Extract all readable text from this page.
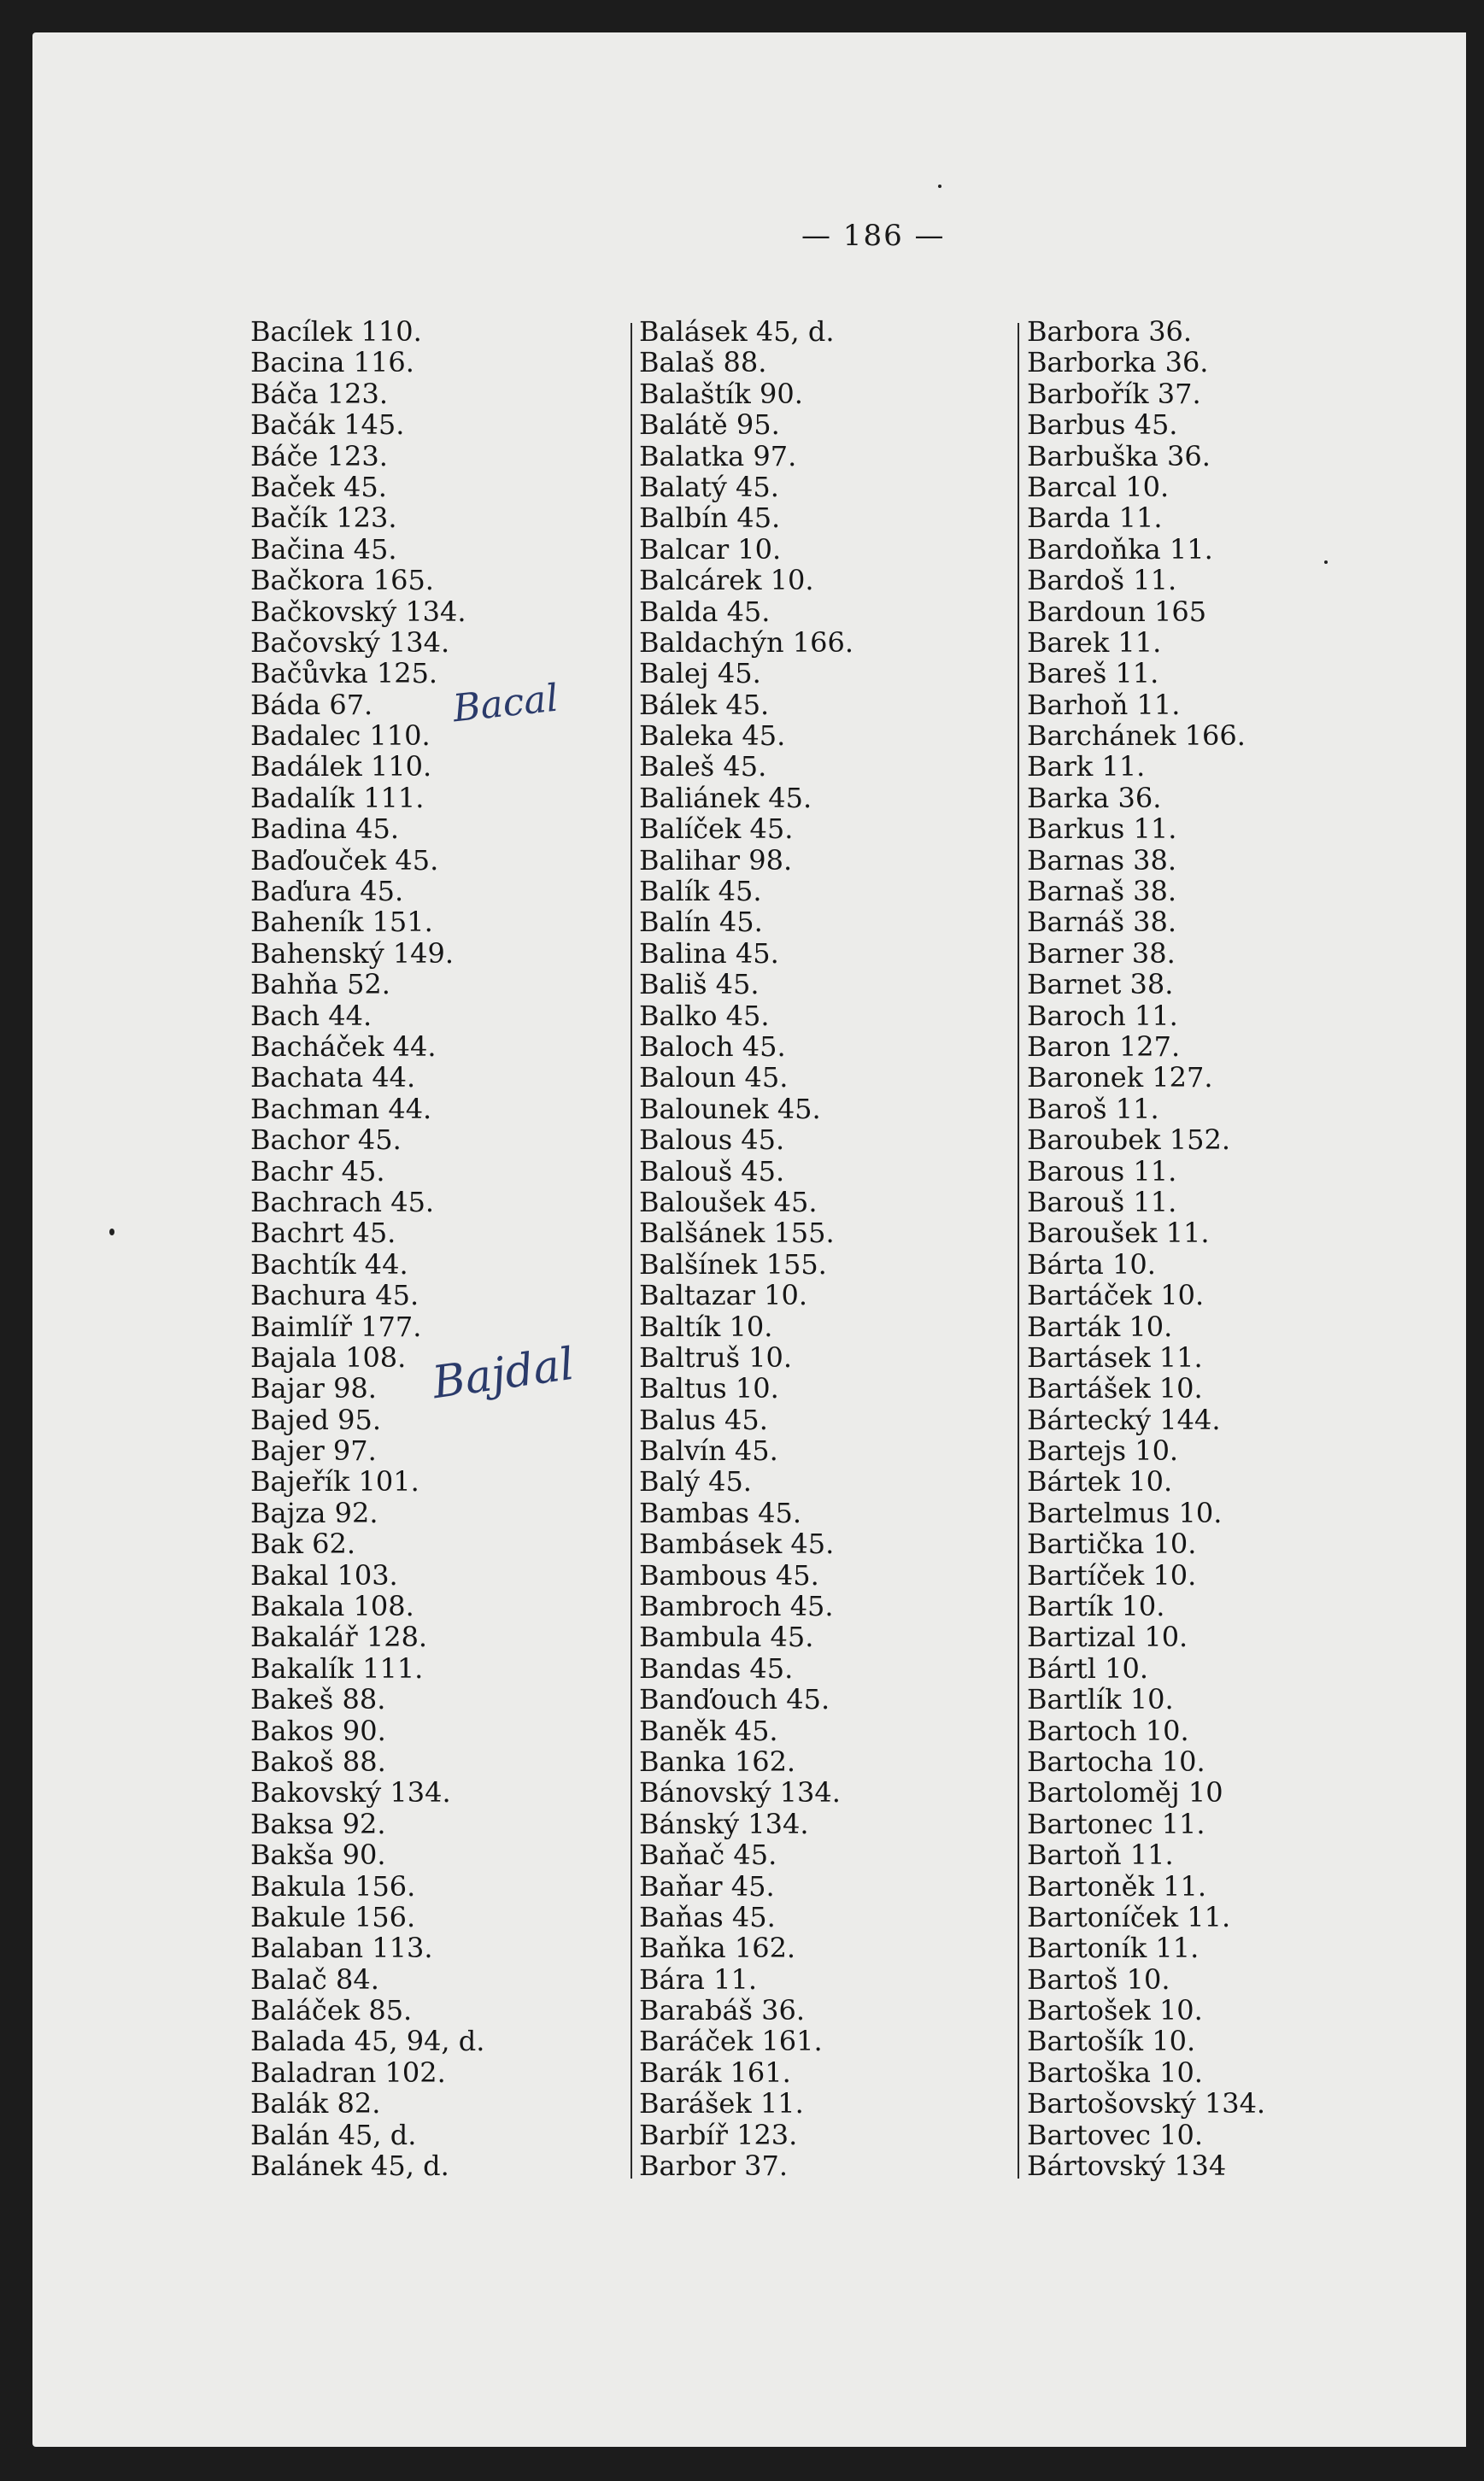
— 186 —
Bacílek 110.
Bacina 116.
Báča 123.
Bačák 145.
Báče 123.
Baček 45.
Bačík 123.
Bačina 45.
Bačkora 165.
Bačkovský 134.
Bačovský 134.
Bačůvka 125.
Báda 67.
Badalec 110.
Badálek 110.
Badalík 111.
Badina 45.
Baďouček 45.
Baďura 45.
Baheník 151.
Bahenský 149.
Bahňa 52.
Bach 44.
Bacháček 44.
Bachata 44.
Bachman 44.
Bachor 45.
Bachr 45.
Bachrach 45.
Bachrt 45.
Bachtík 44.
Bachura 45.
Baimlíř 177.
Bajala 108.
Bajar 98.
Bajed 95.
Bajer 97.
Bajeřík 101.
Bajza 92.
Bak 62.
Bakal 103.
Bakala 108.
Bakalář 128.
Bakalík 111.
Bakeš 88.
Bakos 90.
Bakoš 88.
Bakovský 134.
Baksa 92.
Bakša 90.
Bakula 156.
Bakule 156.
Balaban 113.
Balač 84.
Baláček 85.
Balada 45, 94, d.
Baladran 102.
Balák 82.
Balán 45, d.
Balánek 45, d.
Balásek 45, d.
Balaš 88.
Balaštík 90.
Balátě 95.
Balatka 97.
Balatý 45.
Balbín 45.
Balcar 10.
Balcárek 10.
Balda 45.
Baldachýn 166.
Balej 45.
Bálek 45.
Baleka 45.
Baleš 45.
Baliánek 45.
Balíček 45.
Balihar 98.
Balík 45.
Balín 45.
Balina 45.
Bališ 45.
Balko 45.
Baloch 45.
Baloun 45.
Balounek 45.
Balous 45.
Balouš 45.
Baloušek 45.
Balšánek 155.
Balšínek 155.
Baltazar 10.
Baltík 10.
Baltruš 10.
Baltus 10.
Balus 45.
Balvín 45.
Balý 45.
Bambas 45.
Bambásek 45.
Bambous 45.
Bambroch 45.
Bambula 45.
Bandas 45.
Banďouch 45.
Baněk 45.
Banka 162.
Bánovský 134.
Bánský 134.
Baňač 45.
Baňar 45.
Baňas 45.
Baňka 162.
Bára 11.
Barabáš 36.
Baráček 161.
Barák 161.
Barášek 11.
Barbíř 123.
Barbor 37.
Barbora 36.
Barborka 36.
Barbořík 37.
Barbus 45.
Barbuška 36.
Barcal 10.
Barda 11.
Bardoňka 11.
Bardoš 11.
Bardoun 165
Barek 11.
Bareš 11.
Barhoň 11.
Barchánek 166.
Bark 11.
Barka 36.
Barkus 11.
Barnas 38.
Barnaš 38.
Barnáš 38.
Barner 38.
Barnet 38.
Baroch 11.
Baron 127.
Baronek 127.
Baroš 11.
Baroubek 152.
Barous 11.
Barouš 11.
Baroušek 11.
Bárta 10.
Bartáček 10.
Barták 10.
Bartásek 11.
Bartášek 10.
Bártecký 144.
Bartejs 10.
Bártek 10.
Bartelmus 10.
Bartička 10.
Bartíček 10.
Bartík 10.
Bartizal 10.
Bártl 10.
Bartlík 10.
Bartoch 10.
Bartocha 10.
Bartoloměj 10
Bartonec 11.
Bartoň 11.
Bartoněk 11.
Bartoníček 11.
Bartoník 11.
Bartoš 10.
Bartošek 10.
Bartošík 10.
Bartoška 10.
Bartošovský 134.
Bartovec 10.
Bártovský 134
Bacal
Bajdal
